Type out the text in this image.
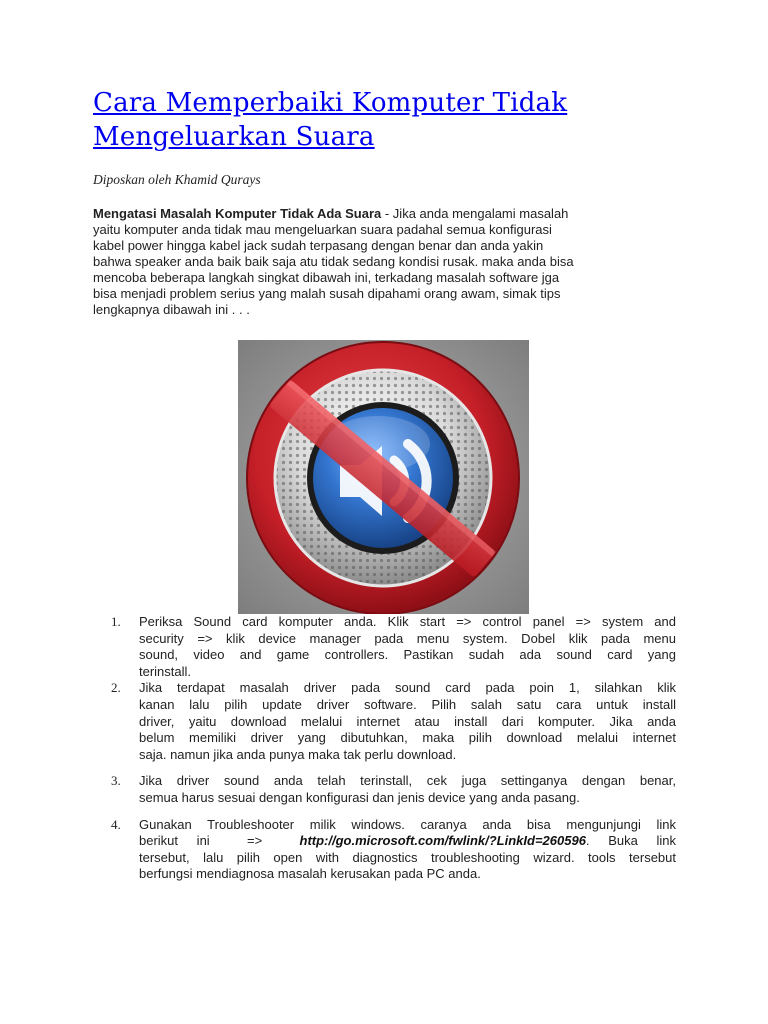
Cara Memperbaiki Komputer Tidak
Mengeluarkan Suara
Diposkan oleh Khamid Qurays
Mengatasi Masalah Komputer Tidak Ada Suara - Jika anda mengalami masalah
yaitu komputer anda tidak mau mengeluarkan suara padahal semua konfigurasi
kabel power hingga kabel jack sudah terpasang dengan benar dan anda yakin
bahwa speaker anda baik baik saja atu tidak sedang kondisi rusak. maka anda bisa
mencoba beberapa langkah singkat dibawah ini, terkadang masalah software jga
bisa menjadi problem serius yang malah susah dipahami orang awam, simak tips
lengkapnya dibawah ini . . .
1. Periksa Sound card komputer anda. Klik start => control panel => system and
security => klik device manager pada menu system. Dobel klik pada menu
sound, video and game controllers. Pastikan sudah ada sound card yang
terinstall.
2. Jika terdapat masalah driver pada sound card pada poin 1, silahkan klik
kanan lalu pilih update driver software. Pilih salah satu cara untuk install
driver, yaitu download melalui internet atau install dari komputer. Jika anda
belum memiliki driver yang dibutuhkan, maka pilih download melalui internet
saja. namun jika anda punya maka tak perlu download.
3. Jika driver sound anda telah terinstall, cek juga settinganya dengan benar,
semua harus sesuai dengan konfigurasi dan jenis device yang anda pasang.
4. Gunakan Troubleshooter milik windows. caranya anda bisa mengunjungi link
berikut ini  =>  http://go.microsoft.com/fwlink/?LinkId=260596. Buka link
tersebut, lalu pilih open with diagnostics troubleshooting wizard. tools tersebut
berfungsi mendiagnosa masalah kerusakan pada PC anda.
